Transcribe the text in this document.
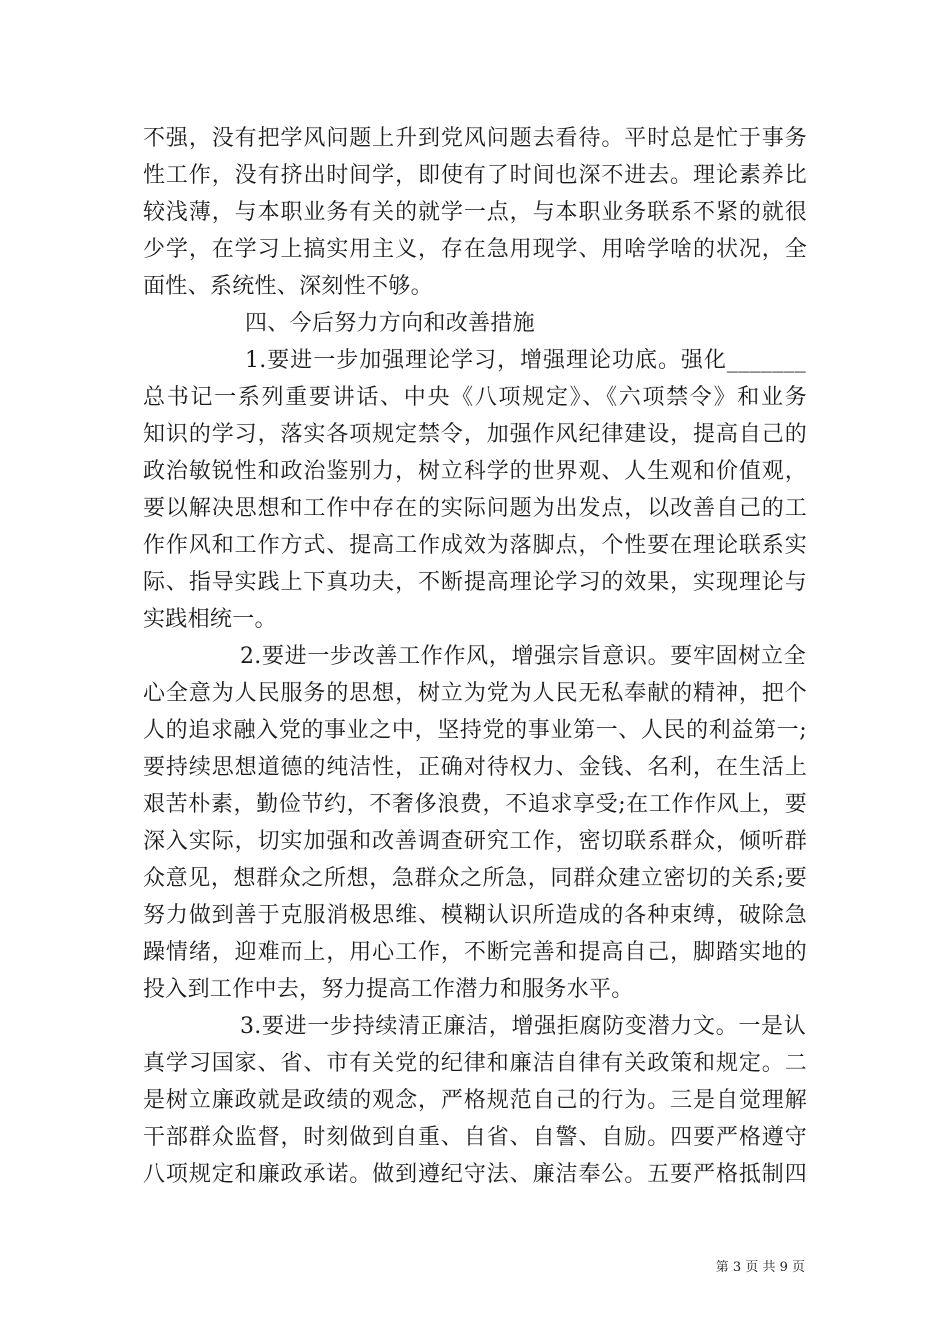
不强，没有把学风问题上升到党风问题去看待。平时总是忙于事务
性工作，没有挤出时间学，即使有了时间也深不进去。理论素养比
较浅薄，与本职业务有关的就学一点，与本职业务联系不紧的就很
少学，在学习上搞实用主义，存在急用现学、用啥学啥的状况，全
面性、系统性、深刻性不够。
四、今后努力方向和改善措施
1.要进一步加强理论学习，增强理论功底。强化_______
总书记一系列重要讲话、中央《八项规定》、《六项禁令》和业务
知识的学习，落实各项规定禁令，加强作风纪律建设，提高自己的
政治敏锐性和政治鉴别力，树立科学的世界观、人生观和价值观，
要以解决思想和工作中存在的实际问题为出发点，以改善自己的工
作作风和工作方式、提高工作成效为落脚点，个性要在理论联系实
际、指导实践上下真功夫，不断提高理论学习的效果，实现理论与
实践相统一。
2.要进一步改善工作作风，增强宗旨意识。要牢固树立全
心全意为人民服务的思想，树立为党为人民无私奉献的精神，把个
人的追求融入党的事业之中，坚持党的事业第一、人民的利益第一;
要持续思想道德的纯洁性，正确对待权力、金钱、名利，在生活上
艰苦朴素，勤俭节约，不奢侈浪费，不追求享受;在工作作风上，要
深入实际，切实加强和改善调查研究工作，密切联系群众，倾听群
众意见，想群众之所想，急群众之所急，同群众建立密切的关系;要
努力做到善于克服消极思维、模糊认识所造成的各种束缚，破除急
躁情绪，迎难而上，用心工作，不断完善和提高自己，脚踏实地的
投入到工作中去，努力提高工作潜力和服务水平。
3.要进一步持续清正廉洁，增强拒腐防变潜力文。一是认
真学习国家、省、市有关党的纪律和廉洁自律有关政策和规定。二
是树立廉政就是政绩的观念，严格规范自己的行为。三是自觉理解
干部群众监督，时刻做到自重、自省、自警、自励。四要严格遵守
八项规定和廉政承诺。做到遵纪守法、廉洁奉公。五要严格抵制四
第 3 页 共 9 页
